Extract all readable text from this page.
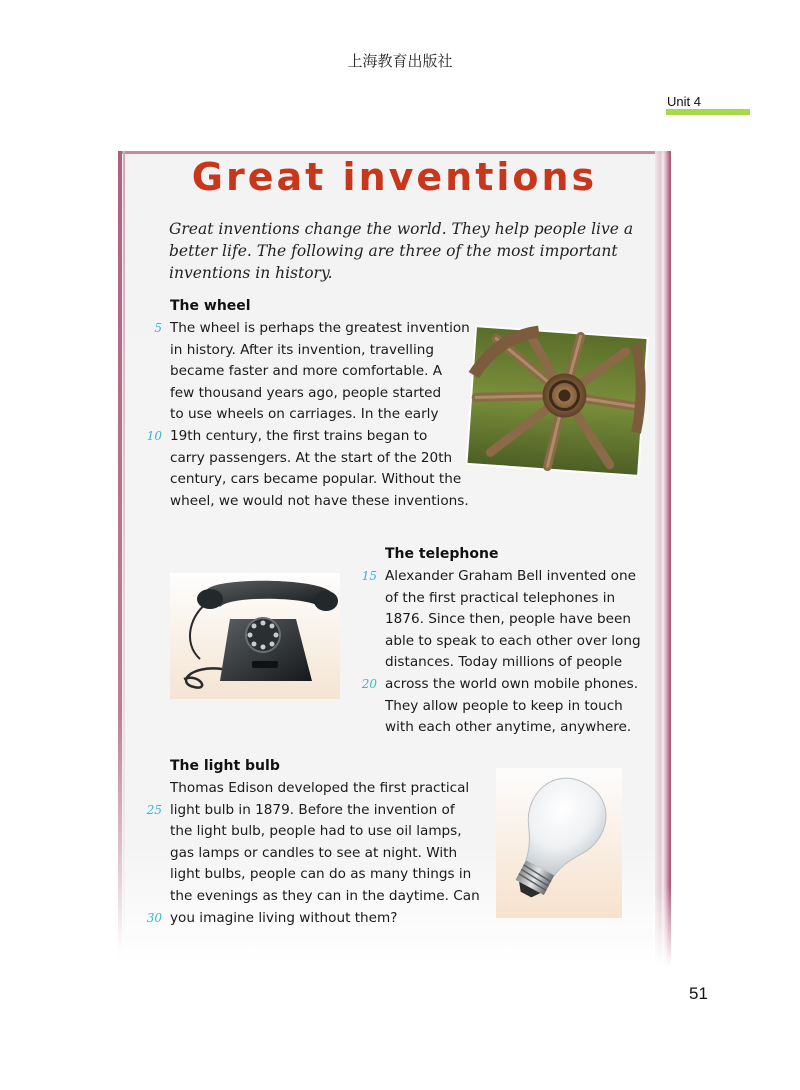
上海教育出版社
Unit 4
Great inventions
Great inventions change the world. They help people live a better life. The following are three of the most important inventions in history.
The wheel
5 The wheel is perhaps the greatest invention
in history. After its invention, travelling
became faster and more comfortable. A
few thousand years ago, people started
to use wheels on carriages. In the early
10 19th century, the first trains began to
carry passengers. At the start of the 20th
century, cars became popular. Without the
wheel, we would not have these inventions.
The telephone
15 Alexander Graham Bell invented one
of the first practical telephones in
1876. Since then, people have been
able to speak to each other over long
distances. Today millions of people
20 across the world own mobile phones.
They allow people to keep in touch
with each other anytime, anywhere.
The light bulb
Thomas Edison developed the first practical
25 light bulb in 1879. Before the invention of
the light bulb, people had to use oil lamps,
gas lamps or candles to see at night. With
light bulbs, people can do as many things in
the evenings as they can in the daytime. Can
30 you imagine living without them?
51
